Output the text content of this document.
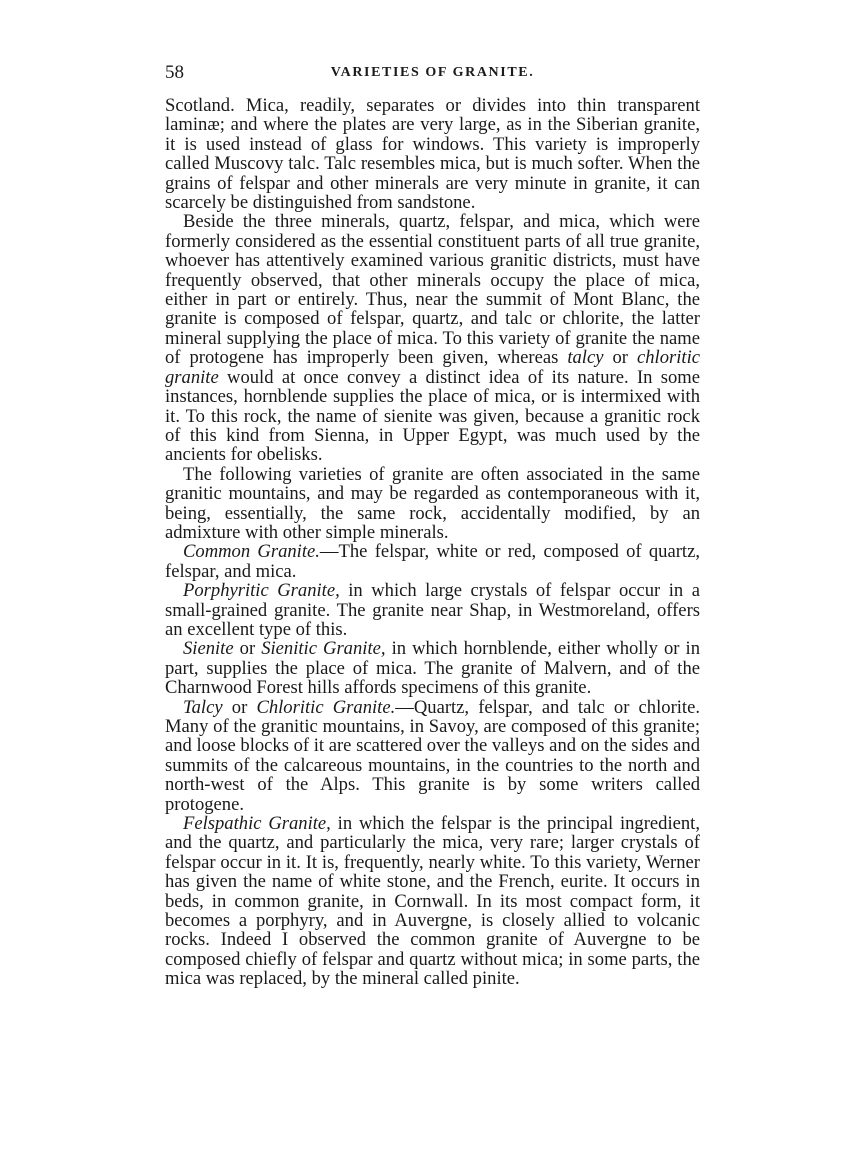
58	VARIETIES OF GRANITE.

Scotland. Mica, readily, separates or divides into thin transparent laminæ; and where the plates are very large, as in the Siberian granite, it is used instead of glass for windows. This variety is improperly called Muscovy talc. Talc resembles mica, but is much softer. When the grains of felspar and other minerals are very minute in granite, it can scarcely be distinguished from sandstone.

Beside the three minerals, quartz, felspar, and mica, which were formerly considered as the essential constituent parts of all true granite, whoever has attentively examined various granitic districts, must have frequently observed, that other minerals occupy the place of mica, either in part or entirely. Thus, near the summit of Mont Blanc, the granite is composed of felspar, quartz, and talc or chlorite, the latter mineral supplying the place of mica. To this variety of granite the name of protogene has improperly been given, whereas talcy or chloritic granite would at once convey a distinct idea of its nature. In some instances, hornblende supplies the place of mica, or is intermixed with it. To this rock, the name of sienite was given, because a granitic rock of this kind from Sienna, in Upper Egypt, was much used by the ancients for obelisks.

The following varieties of granite are often associated in the same granitic mountains, and may be regarded as contemporaneous with it, being, essentially, the same rock, accidentally modified, by an admixture with other simple minerals.

Common Granite.—The felspar, white or red, composed of quartz, felspar, and mica.

Porphyritic Granite, in which large crystals of felspar occur in a small-grained granite. The granite near Shap, in Westmoreland, offers an excellent type of this.

Sienite or Sienitic Granite, in which hornblende, either wholly or in part, supplies the place of mica. The granite of Malvern, and of the Charnwood Forest hills affords specimens of this granite.

Talcy or Chloritic Granite.—Quartz, felspar, and talc or chlorite. Many of the granitic mountains, in Savoy, are composed of this granite; and loose blocks of it are scattered over the valleys and on the sides and summits of the calcareous mountains, in the countries to the north and north-west of the Alps. This granite is by some writers called protogene.

Felspathic Granite, in which the felspar is the principal ingredient, and the quartz, and particularly the mica, very rare; larger crystals of felspar occur in it. It is, frequently, nearly white. To this variety, Werner has given the name of white stone, and the French, eurite. It occurs in beds, in common granite, in Cornwall. In its most compact form, it becomes a porphyry, and in Auvergne, is closely allied to volcanic rocks. Indeed I observed the common granite of Auvergne to be composed chiefly of felspar and quartz without mica; in some parts, the mica was replaced, by the mineral called pinite.
